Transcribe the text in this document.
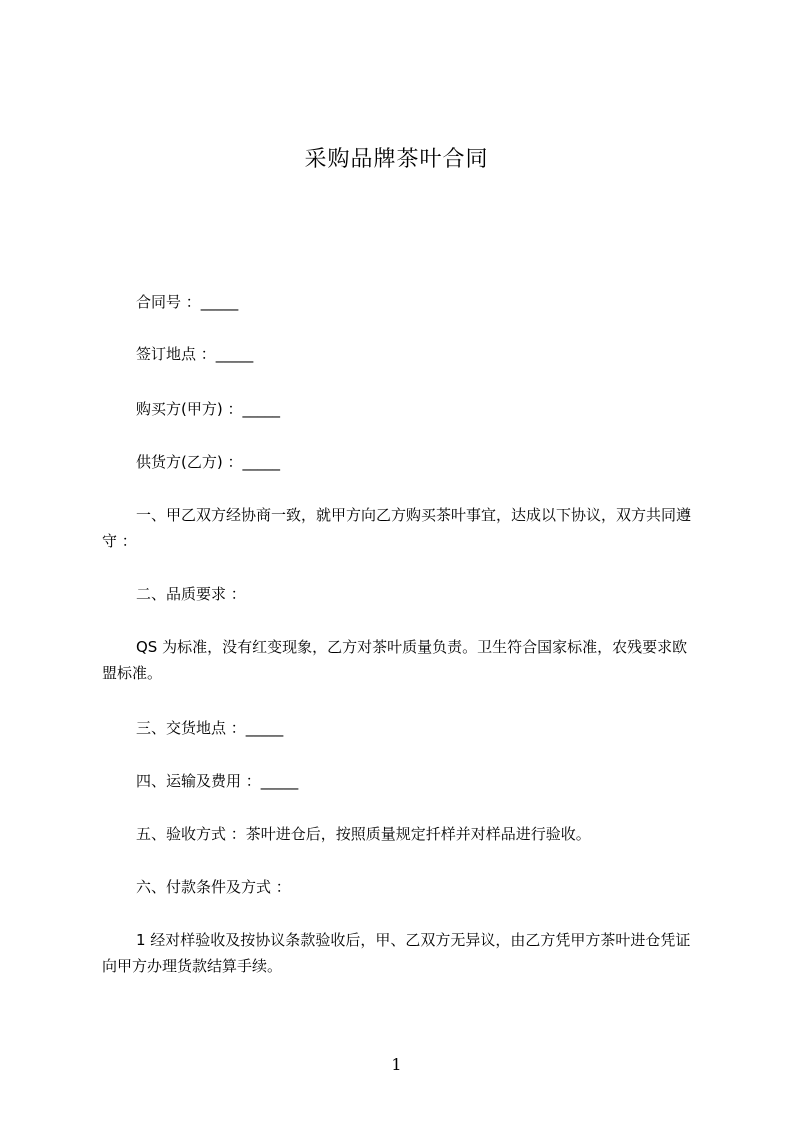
采购品牌茶叶合同
合同号 ：_____
签订地点 ：_____
购买方(甲方) ：_____
供货方(乙方) ：_____
一、甲乙双方经协商一致，就甲方向乙方购买茶叶事宜，达成以下协议，双方共同遵守 ：
二、品质要求 ：
QS 为标准，没有红变现象，乙方对茶叶质量负责。卫生符合国家标准，农残要求欧盟标准。
三、交货地点 ：_____
四、运输及费用 ：_____
五、验收方式 ：茶叶进仓后，按照质量规定扦样并对样品进行验收。
六、付款条件及方式 ：
1 经对样验收及按协议条款验收后，甲、乙双方无异议，由乙方凭甲方茶叶进仓凭证向甲方办理货款结算手续。
1
